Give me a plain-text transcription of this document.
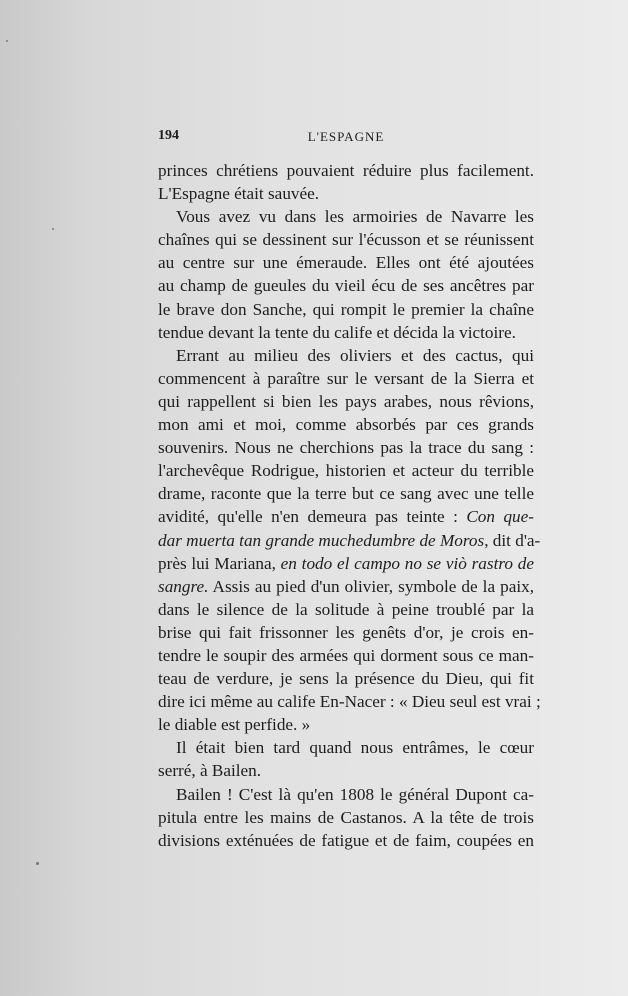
194	L'ESPAGNE
princes chrétiens pouvaient réduire plus facilement.
L'Espagne était sauvée.
Vous avez vu dans les armoiries de Navarre les
chaînes qui se dessinent sur l'écusson et se réunissent
au centre sur une émeraude. Elles ont été ajoutées
au champ de gueules du vieil écu de ses ancêtres par
le brave don Sanche, qui rompit le premier la chaîne
tendue devant la tente du calife et décida la victoire.
Errant au milieu des oliviers et des cactus, qui
commencent à paraître sur le versant de la Sierra et
qui rappellent si bien les pays arabes, nous rêvions,
mon ami et moi, comme absorbés par ces grands
souvenirs. Nous ne cherchions pas la trace du sang :
l'archevêque Rodrigue, historien et acteur du terrible
drame, raconte que la terre but ce sang avec une telle
avidité, qu'elle n'en demeura pas teinte : Con que-
dar muerta tan grande muchedumbre de Moros, dit d'a-
près lui Mariana, en todo el campo no se viò rastro de
sangre. Assis au pied d'un olivier, symbole de la paix,
dans le silence de la solitude à peine troublé par la
brise qui fait frissonner les genêts d'or, je crois en-
tendre le soupir des armées qui dorment sous ce man-
teau de verdure, je sens la présence du Dieu, qui fit
dire ici même au calife En-Nacer : « Dieu seul est vrai ;
le diable est perfide. »
Il était bien tard quand nous entrâmes, le cœur
serré, à Bailen.
Bailen ! C'est là qu'en 1808 le général Dupont ca-
pitula entre les mains de Castanos. A la tête de trois
divisions exténuées de fatigue et de faim, coupées en
